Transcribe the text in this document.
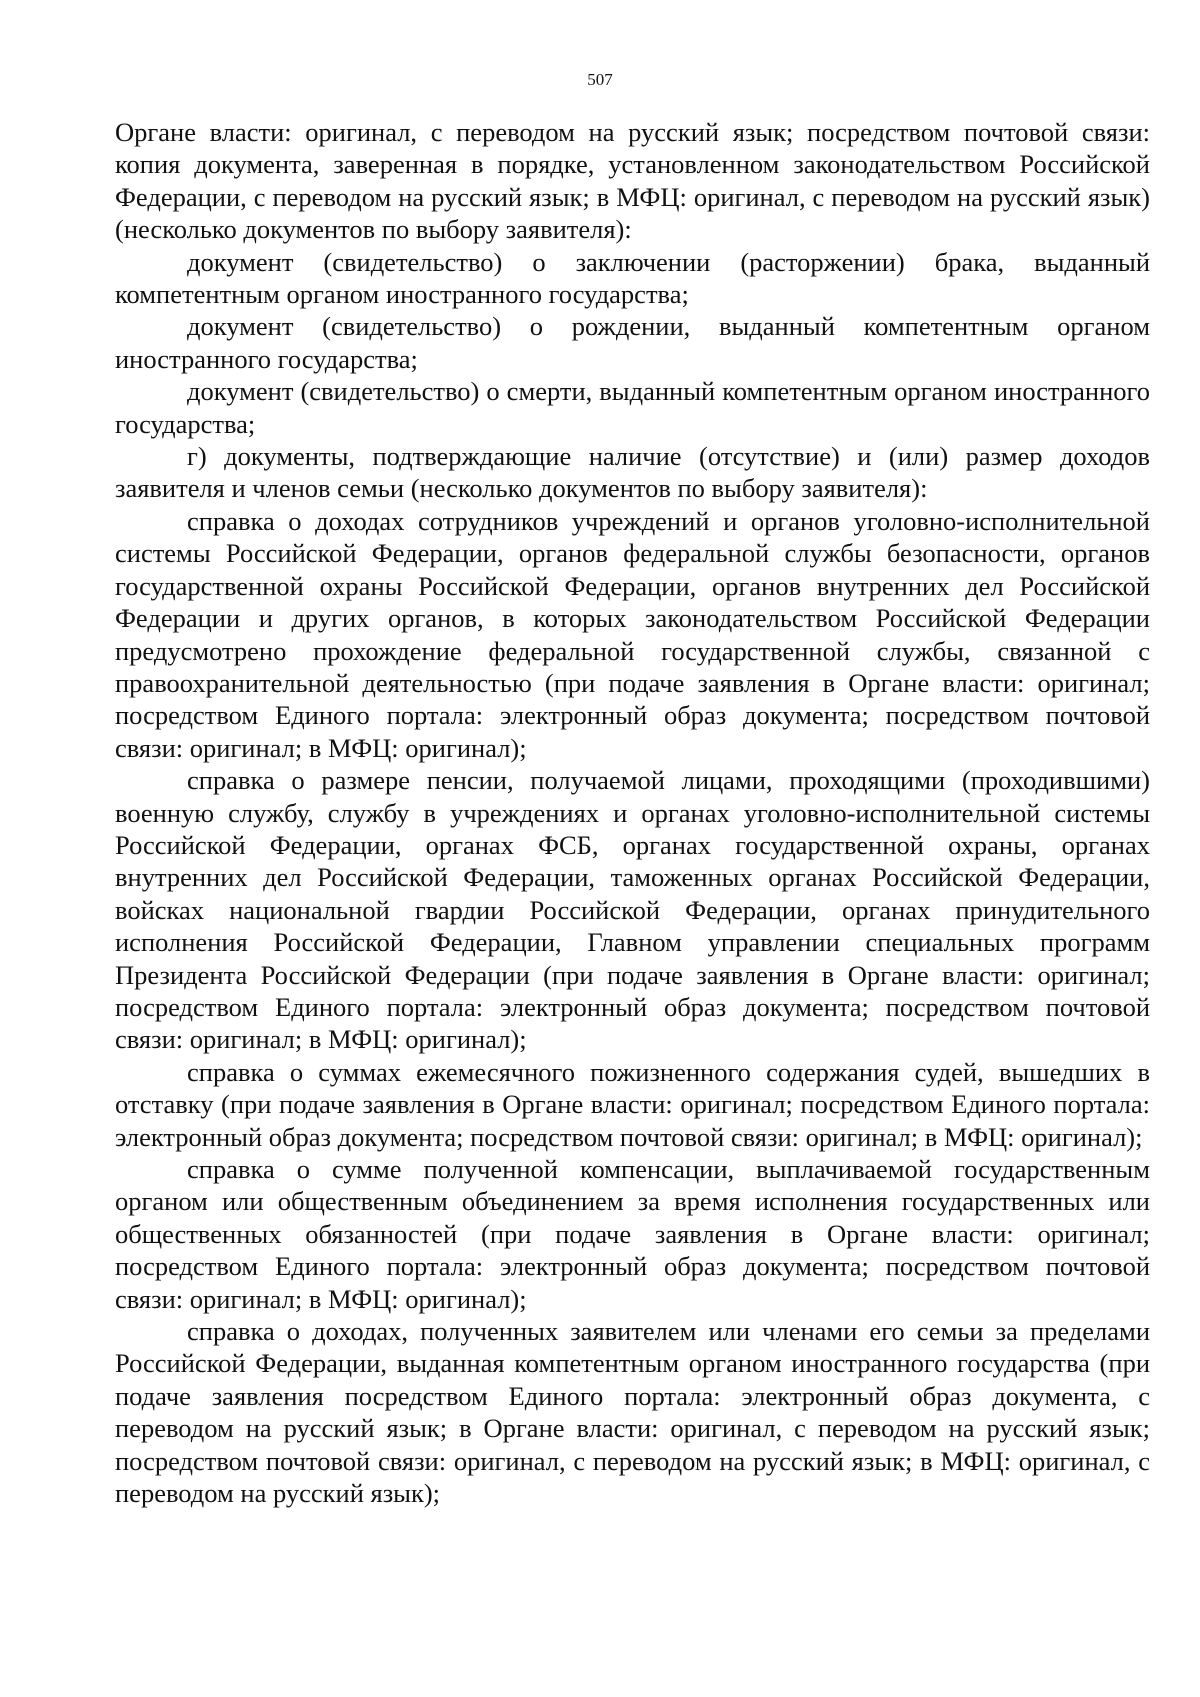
507

Органе власти: оригинал, с переводом на русский язык; посредством почтовой связи: копия документа, заверенная в порядке, установленном законодательством Российской Федерации, с переводом на русский язык; в МФЦ: оригинал, с переводом на русский язык) (несколько документов по выбору заявителя):

документ (свидетельство) о заключении (расторжении) брака, выданный компетентным органом иностранного государства;

документ (свидетельство) о рождении, выданный компетентным органом иностранного государства;

документ (свидетельство) о смерти, выданный компетентным органом иностранного государства;

г) документы, подтверждающие наличие (отсутствие) и (или) размер доходов заявителя и членов семьи (несколько документов по выбору заявителя):

справка о доходах сотрудников учреждений и органов уголовно-исполнительной системы Российской Федерации, органов федеральной службы безопасности, органов государственной охраны Российской Федерации, органов внутренних дел Российской Федерации и других органов, в которых законодательством Российской Федерации предусмотрено прохождение федеральной государственной службы, связанной с правоохранительной деятельностью (при подаче заявления в Органе власти: оригинал; посредством Единого портала: электронный образ документа; посредством почтовой связи: оригинал; в МФЦ: оригинал);

справка о размере пенсии, получаемой лицами, проходящими (проходившими) военную службу, службу в учреждениях и органах уголовно-исполнительной системы Российской Федерации, органах ФСБ, органах государственной охраны, органах внутренних дел Российской Федерации, таможенных органах Российской Федерации, войсках национальной гвардии Российской Федерации, органах принудительного исполнения Российской Федерации, Главном управлении специальных программ Президента Российской Федерации (при подаче заявления в Органе власти: оригинал; посредством Единого портала: электронный образ документа; посредством почтовой связи: оригинал; в МФЦ: оригинал);

справка о суммах ежемесячного пожизненного содержания судей, вышедших в отставку (при подаче заявления в Органе власти: оригинал; посредством Единого портала: электронный образ документа; посредством почтовой связи: оригинал; в МФЦ: оригинал);

справка о сумме полученной компенсации, выплачиваемой государственным органом или общественным объединением за время исполнения государственных или общественных обязанностей (при подаче заявления в Органе власти: оригинал; посредством Единого портала: электронный образ документа; посредством почтовой связи: оригинал; в МФЦ: оригинал);

справка о доходах, полученных заявителем или членами его семьи за пределами Российской Федерации, выданная компетентным органом иностранного государства (при подаче заявления посредством Единого портала: электронный образ документа, с переводом на русский язык; в Органе власти: оригинал, с переводом на русский язык; посредством почтовой связи: оригинал, с переводом на русский язык; в МФЦ: оригинал, с переводом на русский язык);
